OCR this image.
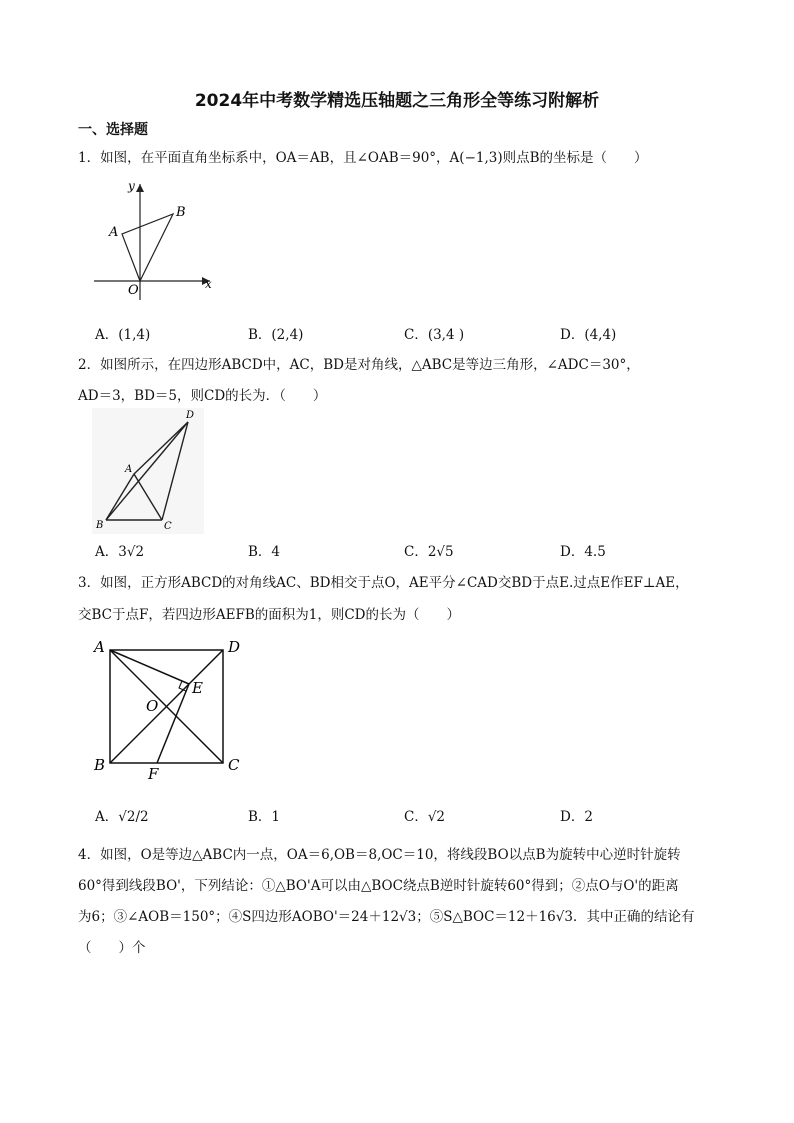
2024年中考数学精选压轴题之三角形全等练习附解析
一、选择题
1．如图，在平面直角坐标系中，OA＝AB，且∠OAB＝90°，A(−1,3)则点B的坐标是（　　）
y
x
O
A
B
A．(1,4)	B．(2,4)	C．(3,4 )	D．(4,4)
2．如图所示，在四边形ABCD中，AC，BD是对角线，△ABC是等边三角形，∠ADC＝30°，
AD＝3，BD＝5，则CD的长为．（　　）
A
B	C
D
A．3√2	B．4	C．2√5	D．4.5
3．如图，正方形ABCD的对角线AC、BD相交于点O，AE平分∠CAD交BD于点E.过点E作EF⊥AE，
交BC于点F，若四边形AEFB的面积为1，则CD的长为（　　）
A	D
B	C
O
E
F
A．√2/2	B．1	C．√2	D．2
4．如图，O是等边△ABC内一点，OA＝6,OB＝8,OC＝10，将线段BO以点B为旋转中心逆时针旋转
60°得到线段BO'，下列结论：①△BO'A可以由△BOC绕点B逆时针旋转60°得到；②点O与O'的距离
为6；③∠AOB＝150°；④S四边形AOBO'＝24＋12√3；⑤S△BOC＝12＋16√3．其中正确的结论有
（　　）个
